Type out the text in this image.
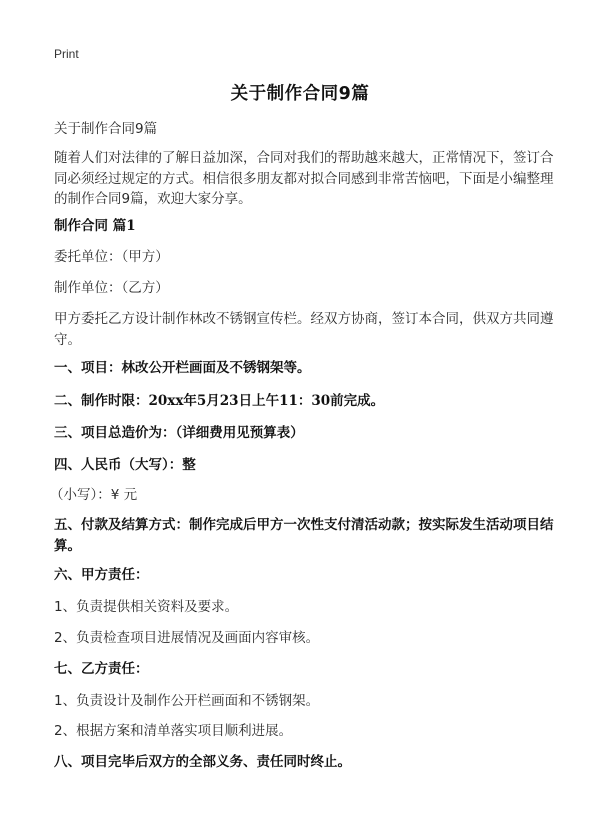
Print
关于制作合同9篇
关于制作合同9篇
随着人们对法律的了解日益加深，合同对我们的帮助越来越大，正常情况下，签订合同必须经过规定的方式。相信很多朋友都对拟合同感到非常苦恼吧，下面是小编整理的制作合同9篇，欢迎大家分享。
制作合同 篇1
委托单位：（甲方）
制作单位：（乙方）
甲方委托乙方设计制作林改不锈钢宣传栏。经双方协商，签订本合同，供双方共同遵守。
一、项目：林改公开栏画面及不锈钢架等。
二、制作时限：20xx年5月23日上午11：30前完成。
三、项目总造价为：（详细费用见预算表）
四、人民币（大写）：整
（小写）：¥ 元
五、付款及结算方式：制作完成后甲方一次性支付清活动款；按实际发生活动项目结算。
六、甲方责任：
1、负责提供相关资料及要求。
2、负责检查项目进展情况及画面内容审核。
七、乙方责任：
1、负责设计及制作公开栏画面和不锈钢架。
2、根据方案和清单落实项目顺利进展。
八、项目完毕后双方的全部义务、责任同时终止。
